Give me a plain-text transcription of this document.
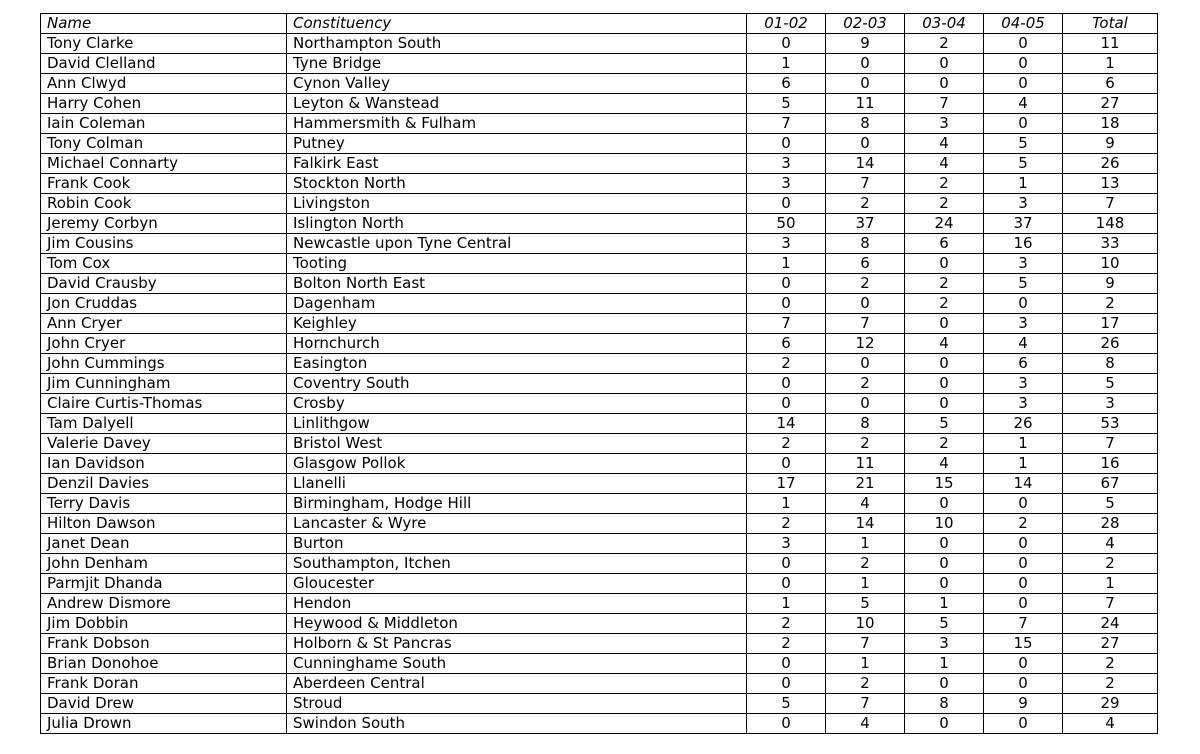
Name	Constituency	01-02	02-03	03-04	04-05	Total
Tony Clarke	Northampton South	0	9	2	0	11
David Clelland	Tyne Bridge	1	0	0	0	1
Ann Clwyd	Cynon Valley	6	0	0	0	6
Harry Cohen	Leyton & Wanstead	5	11	7	4	27
Iain Coleman	Hammersmith & Fulham	7	8	3	0	18
Tony Colman	Putney	0	0	4	5	9
Michael Connarty	Falkirk East	3	14	4	5	26
Frank Cook	Stockton North	3	7	2	1	13
Robin Cook	Livingston	0	2	2	3	7
Jeremy Corbyn	Islington North	50	37	24	37	148
Jim Cousins	Newcastle upon Tyne Central	3	8	6	16	33
Tom Cox	Tooting	1	6	0	3	10
David Crausby	Bolton North East	0	2	2	5	9
Jon Cruddas	Dagenham	0	0	2	0	2
Ann Cryer	Keighley	7	7	0	3	17
John Cryer	Hornchurch	6	12	4	4	26
John Cummings	Easington	2	0	0	6	8
Jim Cunningham	Coventry South	0	2	0	3	5
Claire Curtis-Thomas	Crosby	0	0	0	3	3
Tam Dalyell	Linlithgow	14	8	5	26	53
Valerie Davey	Bristol West	2	2	2	1	7
Ian Davidson	Glasgow Pollok	0	11	4	1	16
Denzil Davies	Llanelli	17	21	15	14	67
Terry Davis	Birmingham, Hodge Hill	1	4	0	0	5
Hilton Dawson	Lancaster & Wyre	2	14	10	2	28
Janet Dean	Burton	3	1	0	0	4
John Denham	Southampton, Itchen	0	2	0	0	2
Parmjit Dhanda	Gloucester	0	1	0	0	1
Andrew Dismore	Hendon	1	5	1	0	7
Jim Dobbin	Heywood & Middleton	2	10	5	7	24
Frank Dobson	Holborn & St Pancras	2	7	3	15	27
Brian Donohoe	Cunninghame South	0	1	1	0	2
Frank Doran	Aberdeen Central	0	2	0	0	2
David Drew	Stroud	5	7	8	9	29
Julia Drown	Swindon South	0	4	0	0	4
